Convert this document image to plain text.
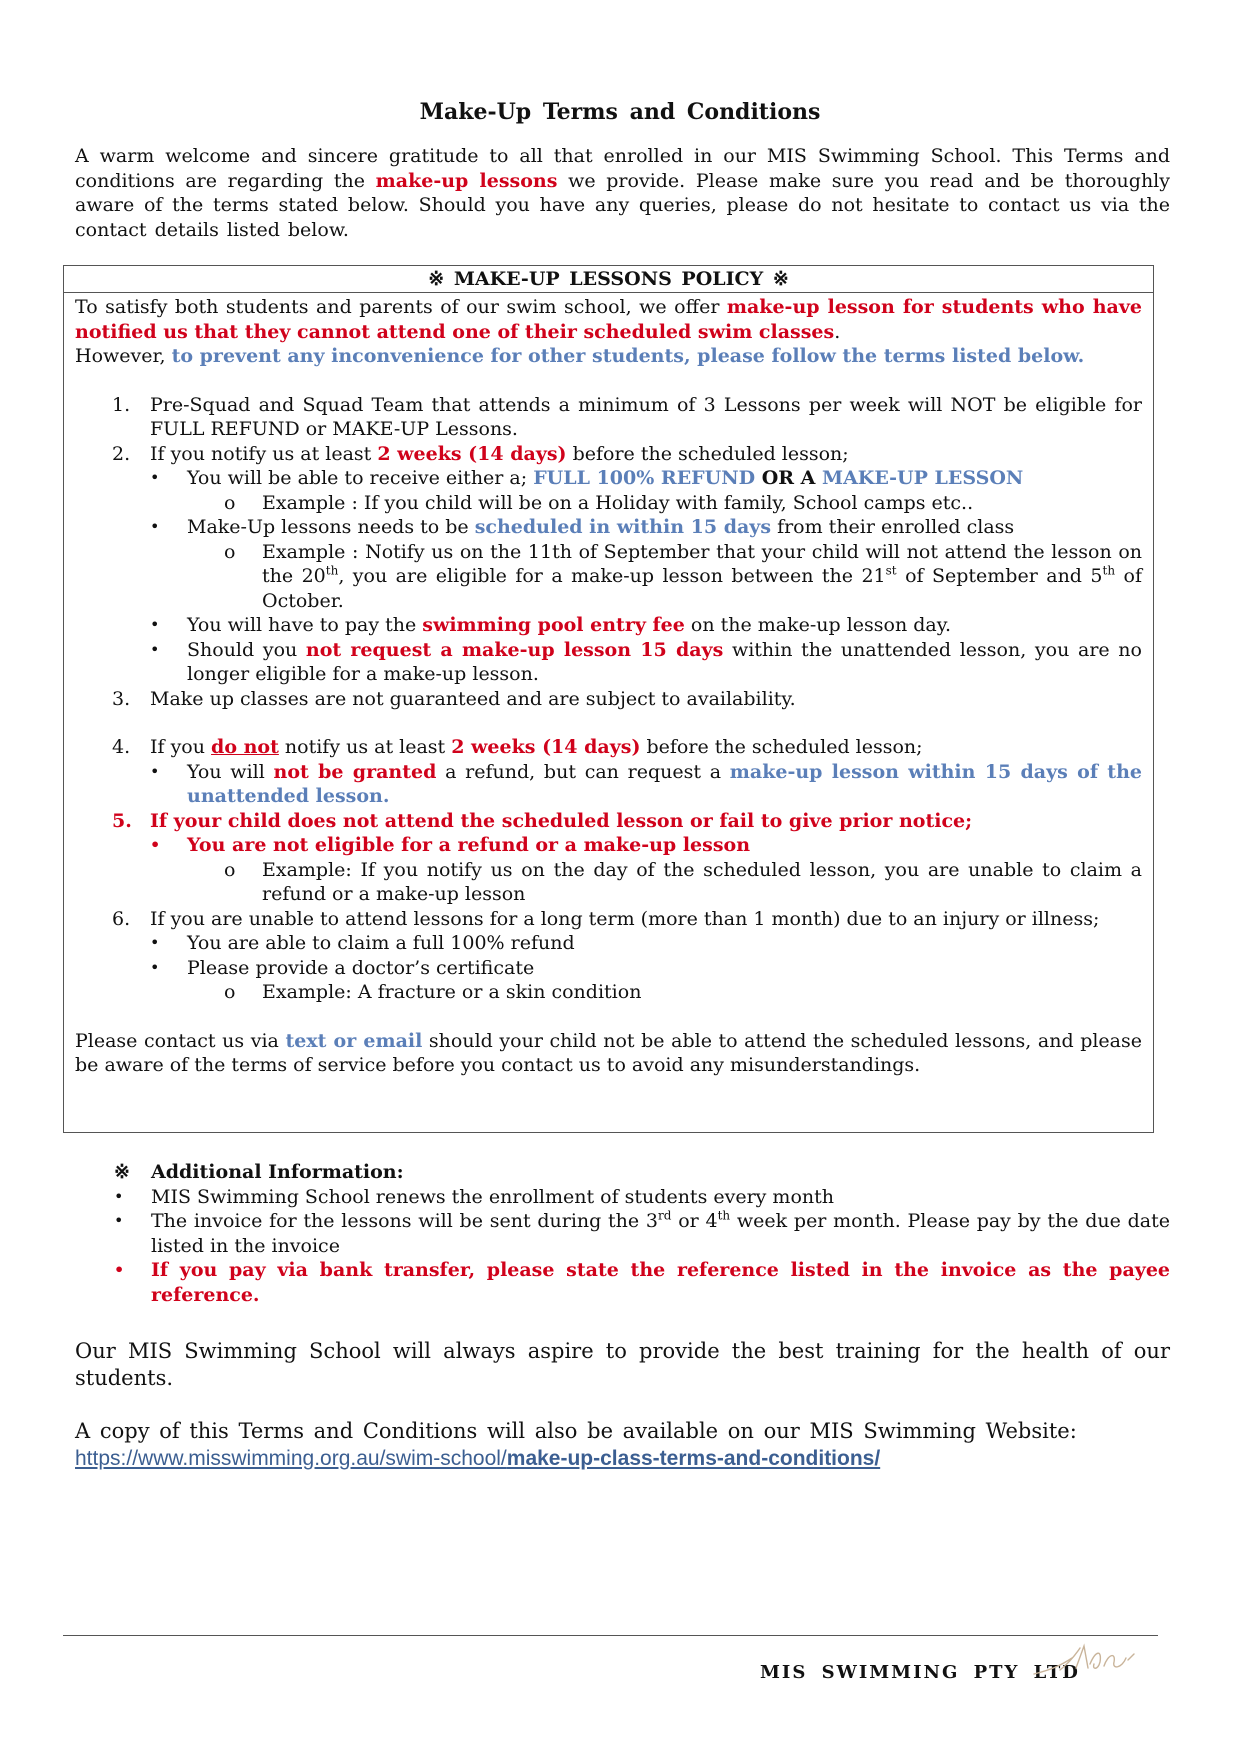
Make-Up Terms and Conditions
A warm welcome and sincere gratitude to all that enrolled in our MIS Swimming School. This Terms and conditions are regarding the make-up lessons we provide. Please make sure you read and be thoroughly aware of the terms stated below. Should you have any queries, please do not hesitate to contact us via the contact details listed below.
※ MAKE-UP LESSONS POLICY ※

To satisfy both students and parents of our swim school, we offer make-up lesson for students who have notified us that they cannot attend one of their scheduled swim classes.

However, to prevent any inconvenience for other students, please follow the terms listed below.

1. Pre-Squad and Squad Team that attends a minimum of 3 Lessons per week will NOT be eligible for FULL REFUND or MAKE-UP Lessons.
2. If you notify us at least 2 weeks (14 days) before the scheduled lesson;
• You will be able to receive either a; FULL 100% REFUND OR A MAKE-UP LESSON
o Example : If you child will be on a Holiday with family, School camps etc..
• Make-Up lessons needs to be scheduled in within 15 days from their enrolled class
o Example : Notify us on the 11th of September that your child will not attend the lesson on the 20th, you are eligible for a make-up lesson between the 21st of September and 5th of October.
• You will have to pay the swimming pool entry fee on the make-up lesson day.
• Should you not request a make-up lesson 15 days within the unattended lesson, you are no longer eligible for a make-up lesson.
3. Make up classes are not guaranteed and are subject to availability.
4. If you do not notify us at least 2 weeks (14 days) before the scheduled lesson;
• You will not be granted a refund, but can request a make-up lesson within 15 days of the unattended lesson.
5. If your child does not attend the scheduled lesson or fail to give prior notice;
• You are not eligible for a refund or a make-up lesson
o Example: If you notify us on the day of the scheduled lesson, you are unable to claim a refund or a make-up lesson
6. If you are unable to attend lessons for a long term (more than 1 month) due to an injury or illness;
• You are able to claim a full 100% refund
• Please provide a doctor’s certificate
o Example: A fracture or a skin condition

Please contact us via text or email should your child not be able to attend the scheduled lessons, and please be aware of the terms of service before you contact us to avoid any misunderstandings.

※ Additional Information:
• MIS Swimming School renews the enrollment of students every month
• The invoice for the lessons will be sent during the 3rd or 4th week per month. Please pay by the due date listed in the invoice
• If you pay via bank transfer, please state the reference listed in the invoice as the payee reference.
Our MIS Swimming School will always aspire to provide the best training for the health of our students.
A copy of this Terms and Conditions will also be available on our MIS Swimming Website:
https://www.misswimming.org.au/swim-school/make-up-class-terms-and-conditions/
MIS SWIMMING PTY LTD
